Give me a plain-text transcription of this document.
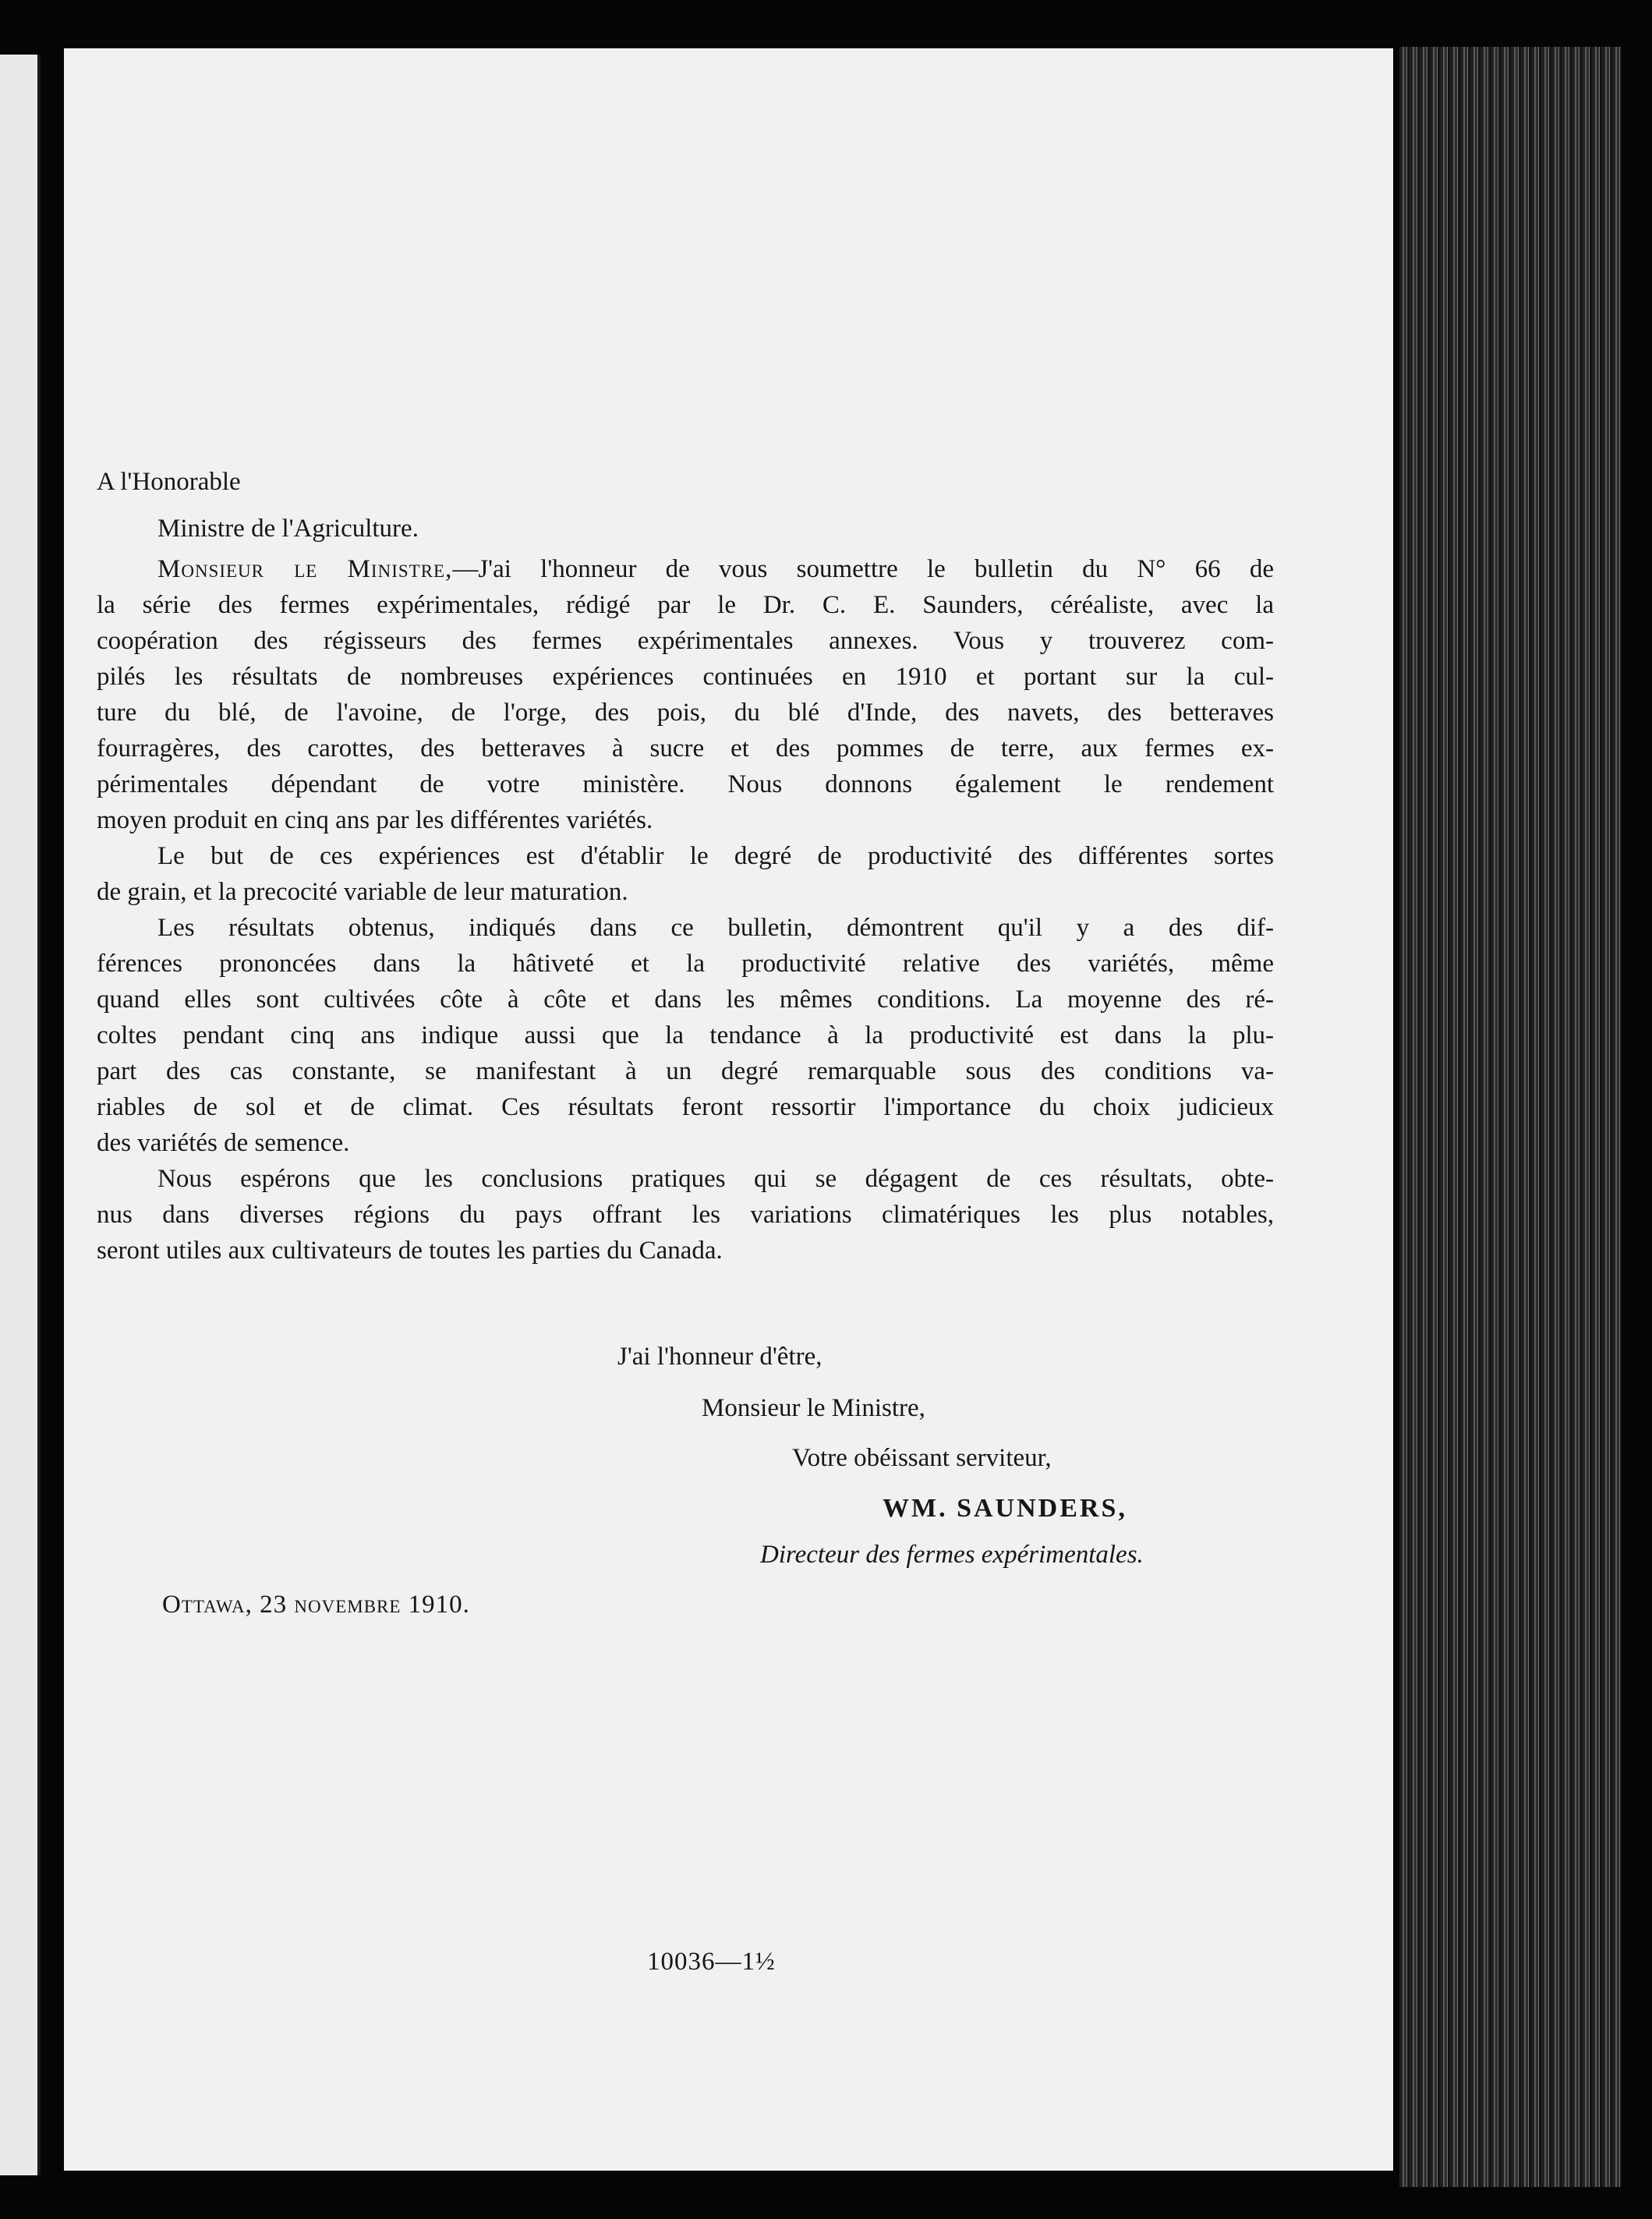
A l'Honorable
Ministre de l'Agriculture.
Monsieur le Ministre,—J'ai l'honneur de vous soumettre le bulletin du N° 66 de
la série des fermes expérimentales, rédigé par le Dr. C. E. Saunders, céréaliste, avec la
coopération des régisseurs des fermes expérimentales annexes. Vous y trouverez com-
pilés les résultats de nombreuses expériences continuées en 1910 et portant sur la cul-
ture du blé, de l'avoine, de l'orge, des pois, du blé d'Inde, des navets, des betteraves
fourragères, des carottes, des betteraves à sucre et des pommes de terre, aux fermes ex-
périmentales dépendant de votre ministère. Nous donnons également le rendement
moyen produit en cinq ans par les différentes variétés.
Le but de ces expériences est d'établir le degré de productivité des différentes sortes
de grain, et la precocité variable de leur maturation.
Les résultats obtenus, indiqués dans ce bulletin, démontrent qu'il y a des dif-
férences prononcées dans la hâtiveté et la productivité relative des variétés, même
quand elles sont cultivées côte à côte et dans les mêmes conditions. La moyenne des ré-
coltes pendant cinq ans indique aussi que la tendance à la productivité est dans la plu-
part des cas constante, se manifestant à un degré remarquable sous des conditions va-
riables de sol et de climat. Ces résultats feront ressortir l'importance du choix judicieux
des variétés de semence.
Nous espérons que les conclusions pratiques qui se dégagent de ces résultats, obte-
nus dans diverses régions du pays offrant les variations climatériques les plus notables,
seront utiles aux cultivateurs de toutes les parties du Canada.
J'ai l'honneur d'être,
Monsieur le Ministre,
Votre obéissant serviteur,
WM. SAUNDERS,
Directeur des fermes expérimentales.
Ottawa, 23 novembre 1910.
10036—1½
